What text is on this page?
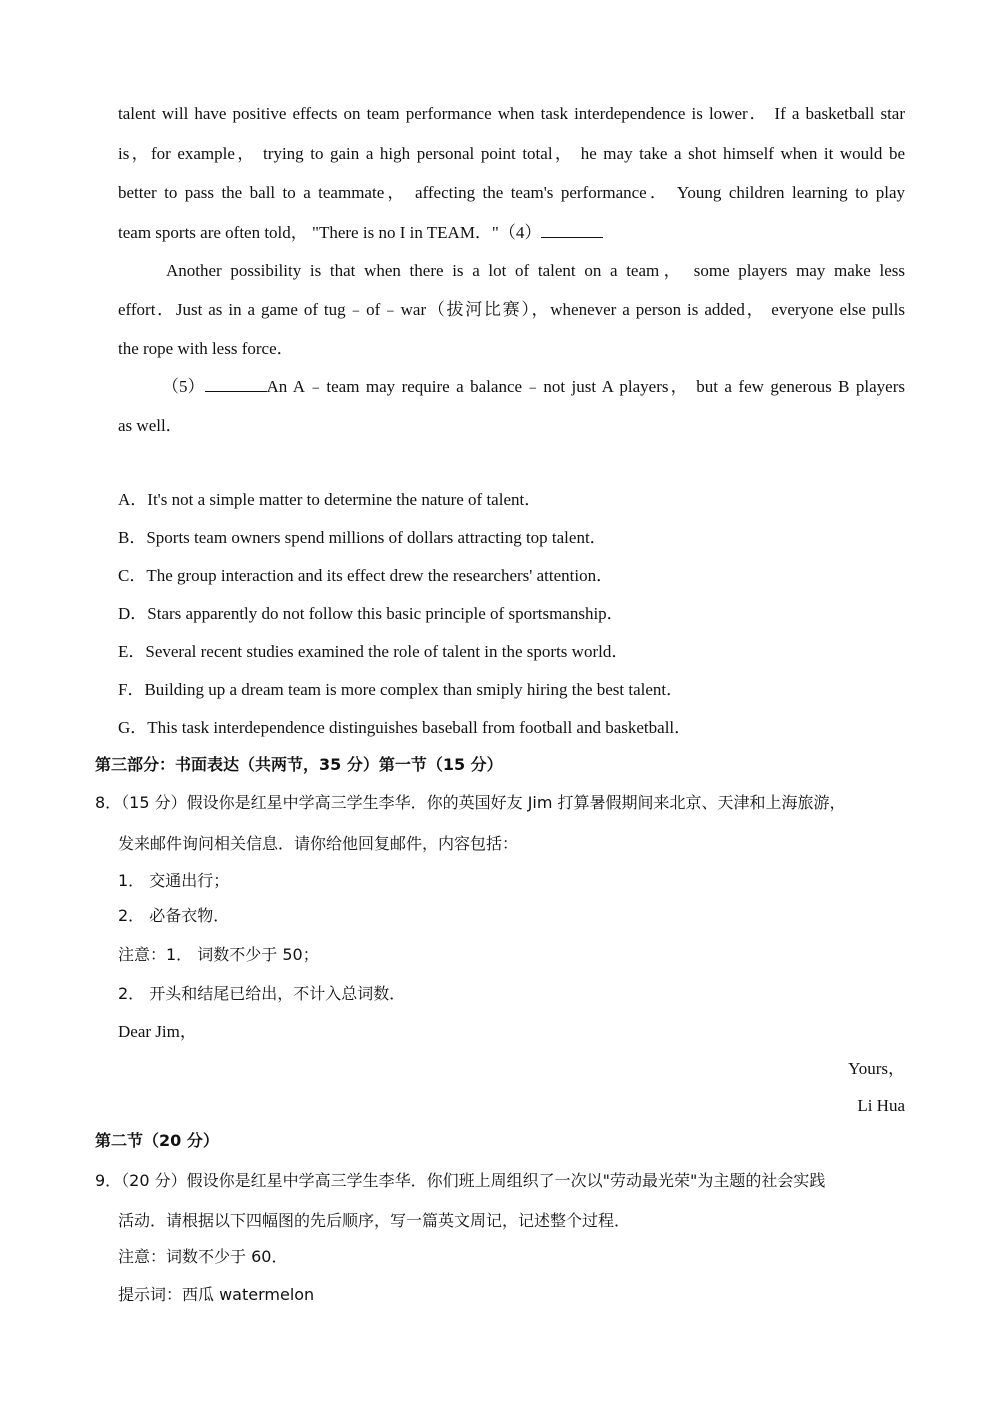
talent will have positive effects on team performance when task interdependence is lower． If a basketball star
is，for example， trying to gain a high personal point total， he may take a shot himself when it would be
better to pass the ball to a teammate， affecting the team's performance． Young children learning to play
team sports are often told， "There is no I in TEAM．"（4）
Another possibility is that when there is a lot of talent on a team， some players may make less
effort．Just as in a game of tug﹣of﹣war（拔河比赛），whenever a person is added， everyone else pulls
the rope with less force．
（5）	An A﹣team may require a balance﹣not just A players， but a few generous B players
as well．
A．It's not a simple matter to determine the nature of talent．
B．Sports team owners spend millions of dollars attracting top talent．
C．The group interaction and its effect drew the researchers' attention．
D．Stars apparently do not follow this basic principle of sportsmanship．
E．Several recent studies examined the role of talent in the sports world．
F．Building up a dream team is more complex than smiply hiring the best talent．
G．This task interdependence distinguishes baseball from football and basketball．
第三部分：书面表达（共两节，35 分）第一节（15 分）
8．（15 分）假设你是红星中学高三学生李华．你的英国好友 Jim 打算暑假期间来北京、天津和上海旅游，
发来邮件询问相关信息．请你给他回复邮件，内容包括：
1． 交通出行；
2． 必备衣物．
注意：1． 词数不少于 50；
2． 开头和结尾已给出，不计入总词数．
Dear Jim，
Yours，
Li Hua
第二节（20 分）
9．（20 分）假设你是红星中学高三学生李华．你们班上周组织了一次以"劳动最光荣"为主题的社会实践
活动．请根据以下四幅图的先后顺序，写一篇英文周记，记述整个过程．
注意：词数不少于 60．
提示词：西瓜 watermelon
